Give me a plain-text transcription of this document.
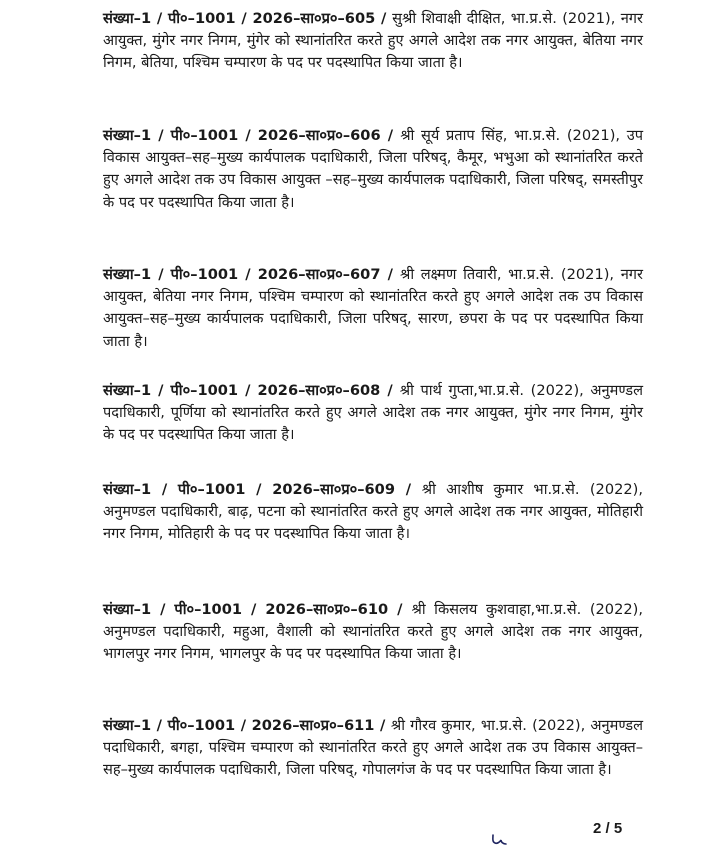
संख्या–1 / पी०–1001 / 2026–सा०प्र०–605 / सुश्री शिवाक्षी दीक्षित, भा.प्र.से. (2021), नगर आयुक्त, मुंगेर नगर निगम, मुंगेर को स्थानांतरित करते हुए अगले आदेश तक नगर आयुक्त, बेतिया नगर निगम, बेतिया, पश्चिम चम्पारण के पद पर पदस्थापित किया जाता है।

संख्या–1 / पी०–1001 / 2026–सा०प्र०–606 / श्री सूर्य प्रताप सिंह, भा.प्र.से. (2021), उप विकास आयुक्त–सह–मुख्य कार्यपालक पदाधिकारी, जिला परिषद्, कैमूर, भभुआ को स्थानांतरित करते हुए अगले आदेश तक उप विकास आयुक्त –सह–मुख्य कार्यपालक पदाधिकारी, जिला परिषद्, समस्तीपुर के पद पर पदस्थापित किया जाता है।

संख्या–1 / पी०–1001 / 2026–सा०प्र०–607 / श्री लक्ष्मण तिवारी, भा.प्र.से. (2021), नगर आयुक्त, बेतिया नगर निगम, पश्चिम चम्पारण को स्थानांतरित करते हुए अगले आदेश तक उप विकास आयुक्त–सह–मुख्य कार्यपालक पदाधिकारी, जिला परिषद्, सारण, छपरा के पद पर पदस्थापित किया जाता है।

संख्या–1 / पी०–1001 / 2026–सा०प्र०–608 / श्री पार्थ गुप्ता,भा.प्र.से. (2022), अनुमण्डल पदाधिकारी, पूर्णिया को स्थानांतरित करते हुए अगले आदेश तक नगर आयुक्त, मुंगेर नगर निगम, मुंगेर के पद पर पदस्थापित किया जाता है।

संख्या–1 / पी०–1001 / 2026–सा०प्र०–609 / श्री आशीष कुमार भा.प्र.से. (2022), अनुमण्डल पदाधिकारी, बाढ़, पटना को स्थानांतरित करते हुए अगले आदेश तक नगर आयुक्त, मोतिहारी नगर निगम, मोतिहारी के पद पर पदस्थापित किया जाता है।

संख्या–1 / पी०–1001 / 2026–सा०प्र०–610 / श्री किसलय कुशवाहा,भा.प्र.से. (2022), अनुमण्डल पदाधिकारी, महुआ, वैशाली को स्थानांतरित करते हुए अगले आदेश तक नगर आयुक्त, भागलपुर नगर निगम, भागलपुर के पद पर पदस्थापित किया जाता है।

संख्या–1 / पी०–1001 / 2026–सा०प्र०–611 / श्री गौरव कुमार, भा.प्र.से. (2022), अनुमण्डल पदाधिकारी, बगहा, पश्चिम चम्पारण को स्थानांतरित करते हुए अगले आदेश तक उप विकास आयुक्त–सह–मुख्य कार्यपालक पदाधिकारी, जिला परिषद्, गोपालगंज के पद पर पदस्थापित किया जाता है।

2 / 5
